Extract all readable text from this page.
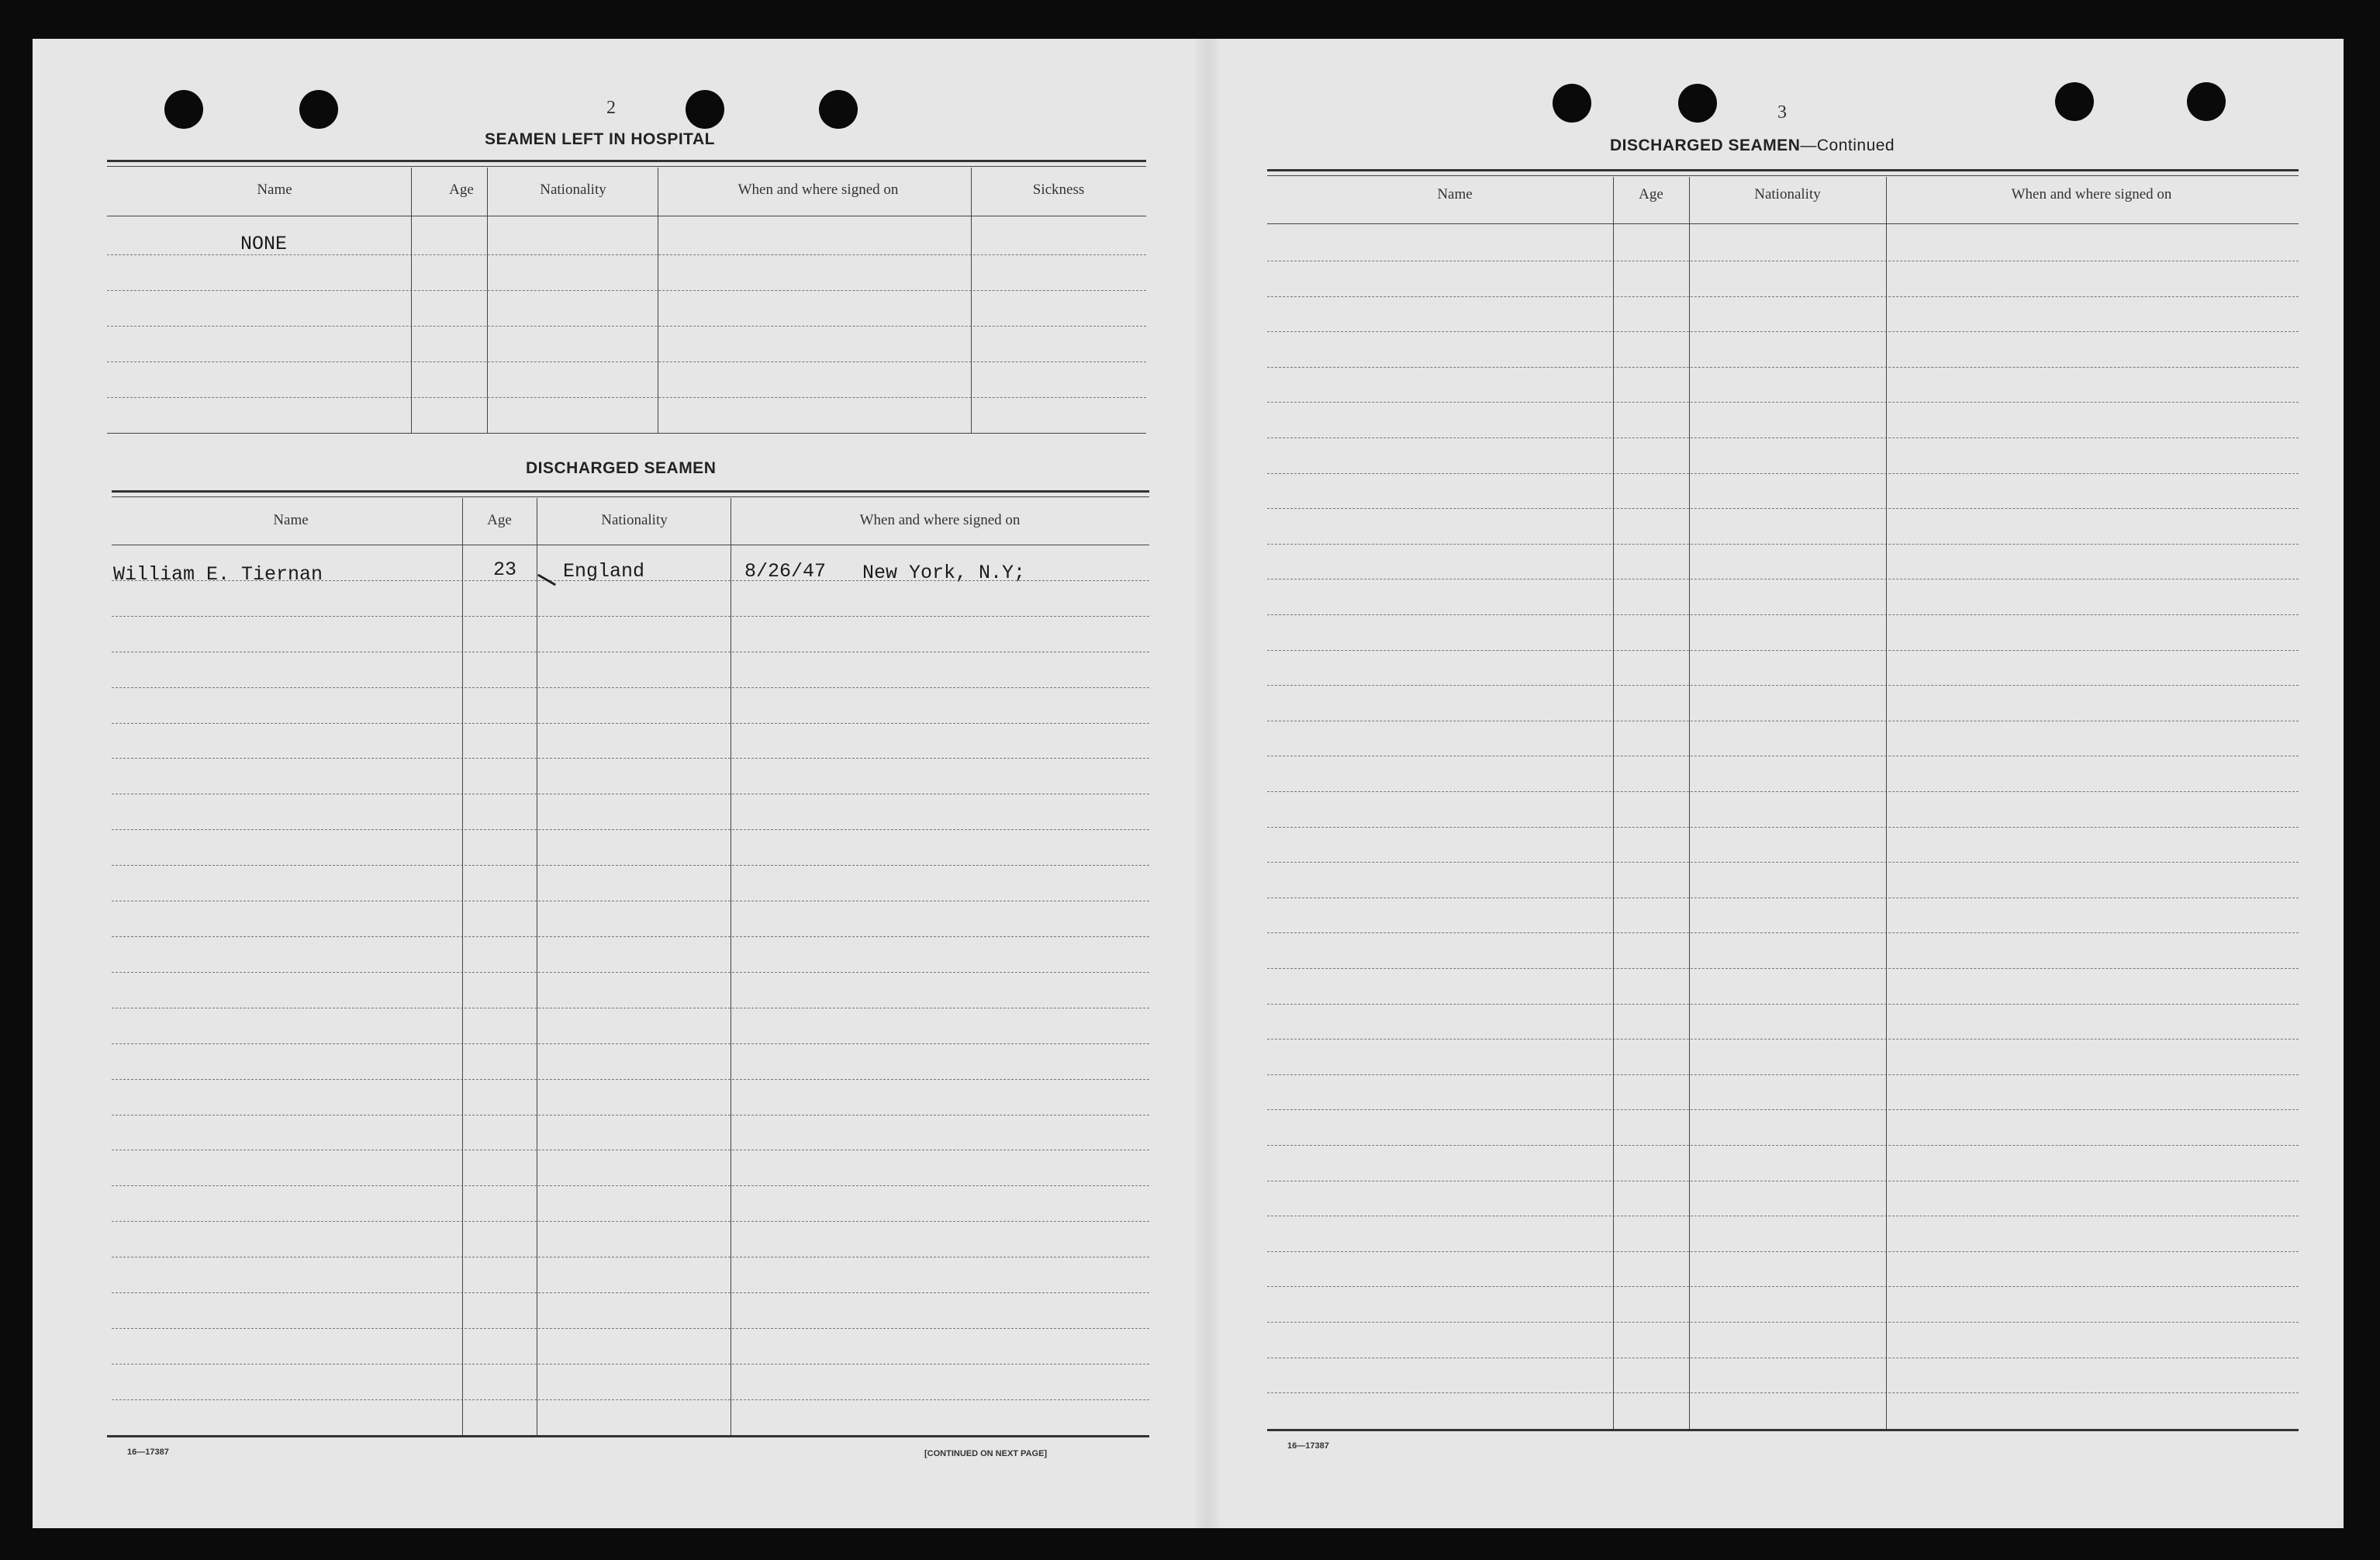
2
SEAMEN LEFT IN HOSPITAL
Name	Age	Nationality	When and where signed on	Sickness
NONE
DISCHARGED SEAMEN
Name	Age	Nationality	When and where signed on
William E. Tiernan	23 England	8/26/47 New York, N.Y;
16—17387	[CONTINUED ON NEXT PAGE]
3
DISCHARGED SEAMEN—Continued
Name	Age	Nationality	When and where signed on
16—17387
